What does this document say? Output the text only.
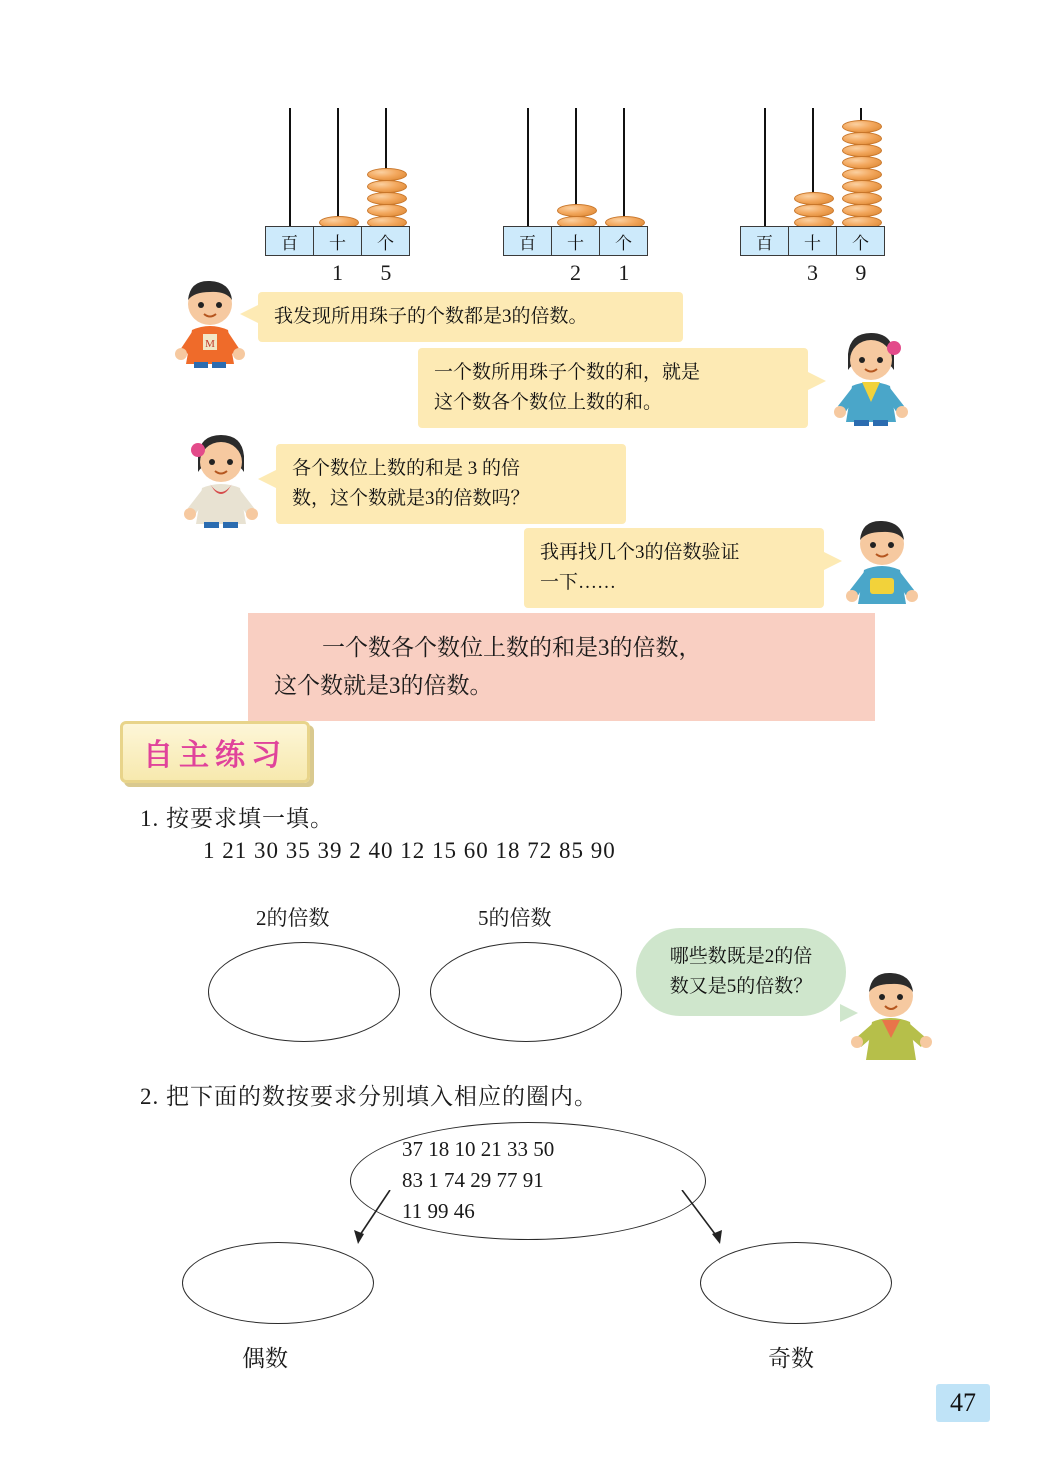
百	十	个
1	5
百	十	个
2	1
百	十	个
3	9
M
我发现所用珠子的个数都是3的倍数。
一个数所用珠子个数的和，就是
这个数各个数位上数的和。
各个数位上数的和是 3 的倍
数，这个数就是3的倍数吗？
我再找几个3的倍数验证
一下……
一个数各个数位上数的和是3的倍数，
这个数就是3的倍数。
自主练习
1. 按要求填一填。
1 21 30 35 39 2 40 12 15 60 18 72 85 90
2的倍数	5的倍数
哪些数既是2的倍
数又是5的倍数？
2. 把下面的数按要求分别填入相应的圈内。
37 18 10 21 33 50
83 1 74 29 77 91
11 99 46
偶数	奇数
47
